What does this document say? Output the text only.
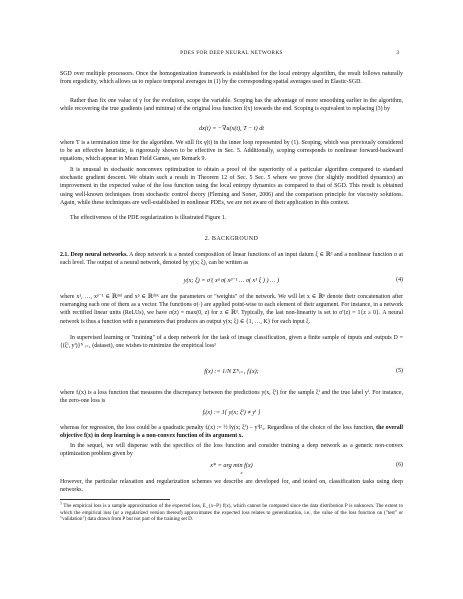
PDES FOR DEEP NEURAL NETWORKS	3
SGD over multiple processors. Once the homogenization framework is established for the local entropy algorithm, the result follows naturally from ergodicity, which allows us to replace temporal averages in (1) by the corresponding spatial averages used in Elastic-SGD.
Rather than fix one value of γ for the evolution, scope the variable. Scoping has the advantage of more smoothing earlier in the algorithm, while recovering the true gradients (and minima) of the original loss function f(x) towards the end. Scoping is equivalent to replacing (3) by
dx(t) = −∇u(x(t), T − t) dt
where T is a termination time for the algorithm. We still fix γ(t) in the inner loop represented by (1). Scoping, which was previously considered to be an effective heuristic, is rigorously shown to be effective in Sec. 5. Additionally, scoping corresponds to nonlinear forward-backward equations, which appear in Mean Field Games, see Remark 9.
It is unusual in stochastic nonconvex optimization to obtain a proof of the superiority of a particular algorithm compared to standard stochastic gradient descent. We obtain such a result in Theorem 12 of Sec. 5 Sec. 5 where we prove (for slightly modified dynamics) an improvement in the expected value of the loss function using the local entropy dynamics as compared to that of SGD. This result is obtained using well-known techniques from stochastic control theory (Fleming and Soner, 2006) and the comparison principle for viscosity solutions. Again, while these techniques are well-established in nonlinear PDEs, we are not aware of their application in this context.
The effectiveness of the PDE regularization is illustrated Figure 1.
2. BACKGROUND
2.1. Deep neural networks. A deep network is a nested composition of linear functions of an input datum ξ ∈ ℝᵈ and a nonlinear function σ at each level. The output of a neural network, denoted by y(x; ξ), can be written as
y(x; ξ) = σ′( xᵖ σ( xᵖ⁻¹ … σ( x¹ ξ ) ) … )	(4)
where x¹, …, xᵖ⁻¹ ∈ ℝᵈˣᵈ and xᵖ ∈ ℝᵈˣᴷ are the parameters or "weights" of the network. We will let x ∈ ℝⁿ denote their concatenation after rearranging each one of them as a vector. The functions σ(·) are applied point-wise to each element of their argument. For instance, in a network with rectified linear units (ReLUs), we have σ(z) = max(0, z) for z ∈ ℝᵈ. Typically, the last non-linearity is set to σ′(z) = 1{z ≥ 0}. A neural network is thus a function with n parameters that produces an output y(x; ξ) ∈ {1, …, K} for each input ξ.
In supervised learning or "training" of a deep network for the task of image classification, given a finite sample of inputs and outputs D = {(ξⁱ, yⁱ)}ᴺ ᵢ₌₁ (dataset), one wishes to minimize the empirical loss¹
f(x) := 1/N Σᴺᵢ₌₁ fᵢ(x);	(5)
where fᵢ(x) is a loss function that measures the discrepancy between the predictions y(x, ξⁱ) for the sample ξⁱ and the true label yⁱ. For instance, the zero-one loss is
fᵢ(x) := 1{ y(x; ξⁱ) ≠ yⁱ }
whereas for regression, the loss could be a quadratic penalty fᵢ(x) := ½ ‖y(x; ξⁱ) − yⁱ‖²₂. Regardless of the choice of the loss function, the overall objective f(x) in deep learning is a non-convex function of its argument x.
In the sequel, we will dispense with the specifics of the loss function and consider training a deep network as a generic non-convex optimization problem given by
x* = arg min f(x)
x
(6)
However, the particular relaxation and regularization schemes we describe are developed for, and tested on, classification tasks using deep networks.
$^1$ The empirical loss is a sample approximation of the expected loss, E_{x~P} f(x), which cannot be computed since the data distribution P is unknown. The extent to which the empirical loss (or a regularized version thereof) approximates the expected loss relates to generalization, i.e., the value of the loss function on ("test" or "validation") data drawn from P but not part of the training set D.
